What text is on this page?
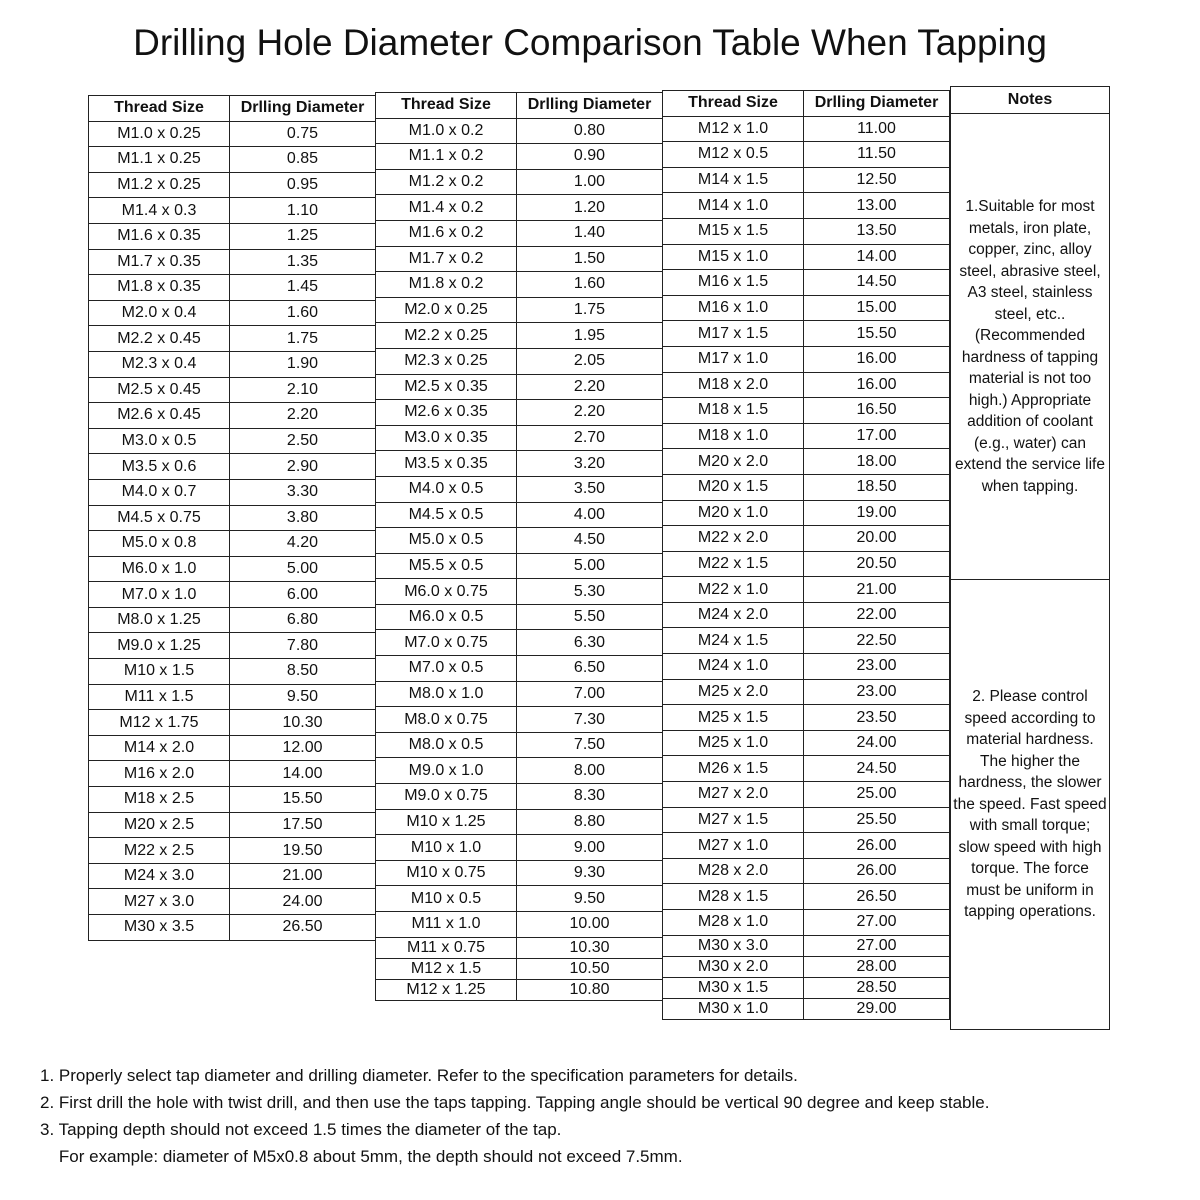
Drilling Hole Diameter Comparison Table When Tapping
Thread Size	Drlling Diameter
M1.0 x 0.25	0.75
M1.1 x 0.25	0.85
M1.2 x 0.25	0.95
M1.4 x 0.3	1.10
M1.6 x 0.35	1.25
M1.7 x 0.35	1.35
M1.8 x 0.35	1.45
M2.0 x 0.4	1.60
M2.2 x 0.45	1.75
M2.3 x 0.4	1.90
M2.5 x 0.45	2.10
M2.6 x 0.45	2.20
M3.0 x 0.5	2.50
M3.5 x 0.6	2.90
M4.0 x 0.7	3.30
M4.5 x 0.75	3.80
M5.0 x 0.8	4.20
M6.0 x 1.0	5.00
M7.0 x 1.0	6.00
M8.0 x 1.25	6.80
M9.0 x 1.25	7.80
M10 x 1.5	8.50
M11 x 1.5	9.50
M12 x 1.75	10.30
M14 x 2.0	12.00
M16 x 2.0	14.00
M18 x 2.5	15.50
M20 x 2.5	17.50
M22 x 2.5	19.50
M24 x 3.0	21.00
M27 x 3.0	24.00
M30 x 3.5	26.50
Thread Size	Drlling Diameter
M1.0 x 0.2	0.80
M1.1 x 0.2	0.90
M1.2 x 0.2	1.00
M1.4 x 0.2	1.20
M1.6 x 0.2	1.40
M1.7 x 0.2	1.50
M1.8 x 0.2	1.60
M2.0 x 0.25	1.75
M2.2 x 0.25	1.95
M2.3 x 0.25	2.05
M2.5 x 0.35	2.20
M2.6 x 0.35	2.20
M3.0 x 0.35	2.70
M3.5 x 0.35	3.20
M4.0 x 0.5	3.50
M4.5 x 0.5	4.00
M5.0 x 0.5	4.50
M5.5 x 0.5	5.00
M6.0 x 0.75	5.30
M6.0 x 0.5	5.50
M7.0 x 0.75	6.30
M7.0 x 0.5	6.50
M8.0 x 1.0	7.00
M8.0 x 0.75	7.30
M8.0 x 0.5	7.50
M9.0 x 1.0	8.00
M9.0 x 0.75	8.30
M10 x 1.25	8.80
M10 x 1.0	9.00
M10 x 0.75	9.30
M10 x 0.5	9.50
M11 x 1.0	10.00
M11 x 0.75	10.30
M12 x 1.5	10.50
M12 x 1.25	10.80
Thread Size	Drlling Diameter
M12 x 1.0	11.00
M12 x 0.5	11.50
M14 x 1.5	12.50
M14 x 1.0	13.00
M15 x 1.5	13.50
M15 x 1.0	14.00
M16 x 1.5	14.50
M16 x 1.0	15.00
M17 x 1.5	15.50
M17 x 1.0	16.00
M18 x 2.0	16.00
M18 x 1.5	16.50
M18 x 1.0	17.00
M20 x 2.0	18.00
M20 x 1.5	18.50
M20 x 1.0	19.00
M22 x 2.0	20.00
M22 x 1.5	20.50
M22 x 1.0	21.00
M24 x 2.0	22.00
M24 x 1.5	22.50
M24 x 1.0	23.00
M25 x 2.0	23.00
M25 x 1.5	23.50
M25 x 1.0	24.00
M26 x 1.5	24.50
M27 x 2.0	25.00
M27 x 1.5	25.50
M27 x 1.0	26.00
M28 x 2.0	26.00
M28 x 1.5	26.50
M28 x 1.0	27.00
M30 x 3.0	27.00
M30 x 2.0	28.00
M30 x 1.5	28.50
M30 x 1.0	29.00
Notes
1.Suitable for most metals, iron plate, copper, zinc, alloy steel, abrasive steel, A3 steel, stainless steel, etc..(Recommended hardness of tapping material is not too high.) Appropriate addition of coolant (e.g., water) can extend the service life when tapping.
2. Please control speed according to material hardness. The higher the hardness, the slower the speed. Fast speed with small torque; slow speed with high torque. The force must be uniform in tapping operations.

1. Properly select tap diameter and drilling diameter. Refer to the specification parameters for details.

2. First drill the hole with twist drill, and then use the taps tapping. Tapping angle should be vertical 90 degree and keep stable.

3. Tapping depth should not exceed 1.5 times the diameter of the tap.

For example: diameter of M5x0.8 about 5mm, the depth should not exceed 7.5mm.
